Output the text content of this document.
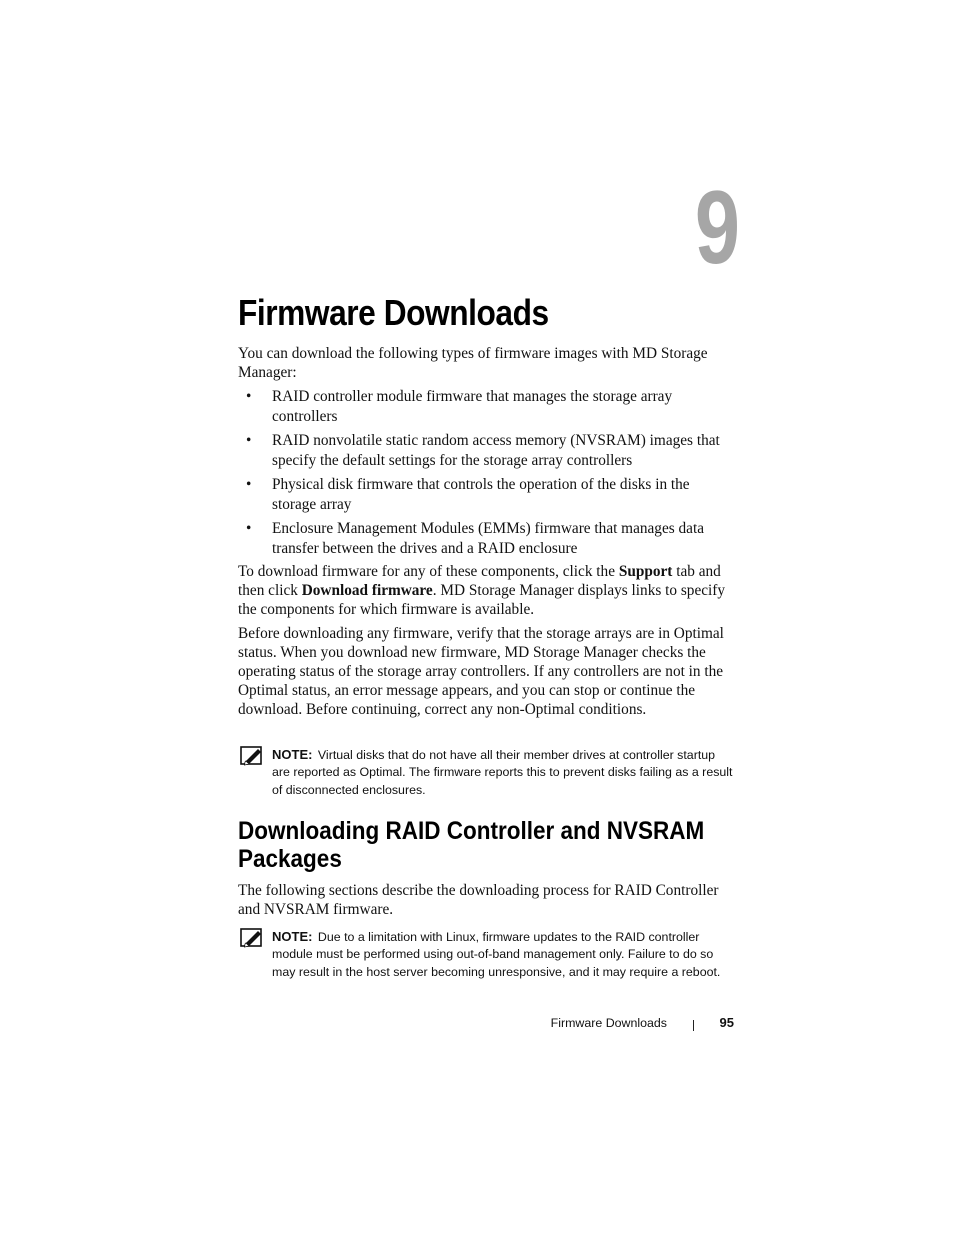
9
Firmware Downloads

You can download the following types of firmware images with MD Storage Manager:

• RAID controller module firmware that manages the storage array controllers
• RAID nonvolatile static random access memory (NVSRAM) images that specify the default settings for the storage array controllers
• Physical disk firmware that controls the operation of the disks in the storage array
• Enclosure Management Modules (EMMs) firmware that manages data transfer between the drives and a RAID enclosure

To download firmware for any of these components, click the Support tab and then click Download firmware. MD Storage Manager displays links to specify the components for which firmware is available.

Before downloading any firmware, verify that the storage arrays are in Optimal status. When you download new firmware, MD Storage Manager checks the operating status of the storage array controllers. If any controllers are not in the Optimal status, an error message appears, and you can stop or continue the download. Before continuing, correct any non-Optimal conditions.

NOTE: Virtual disks that do not have all their member drives at controller startup are reported as Optimal. The firmware reports this to prevent disks failing as a result of disconnected enclosures.

Downloading RAID Controller and NVSRAM Packages

The following sections describe the downloading process for RAID Controller and NVSRAM firmware.

NOTE: Due to a limitation with Linux, firmware updates to the RAID controller module must be performed using out-of-band management only. Failure to do so may result in the host server becoming unresponsive, and it may require a reboot.

Firmware Downloads	95
